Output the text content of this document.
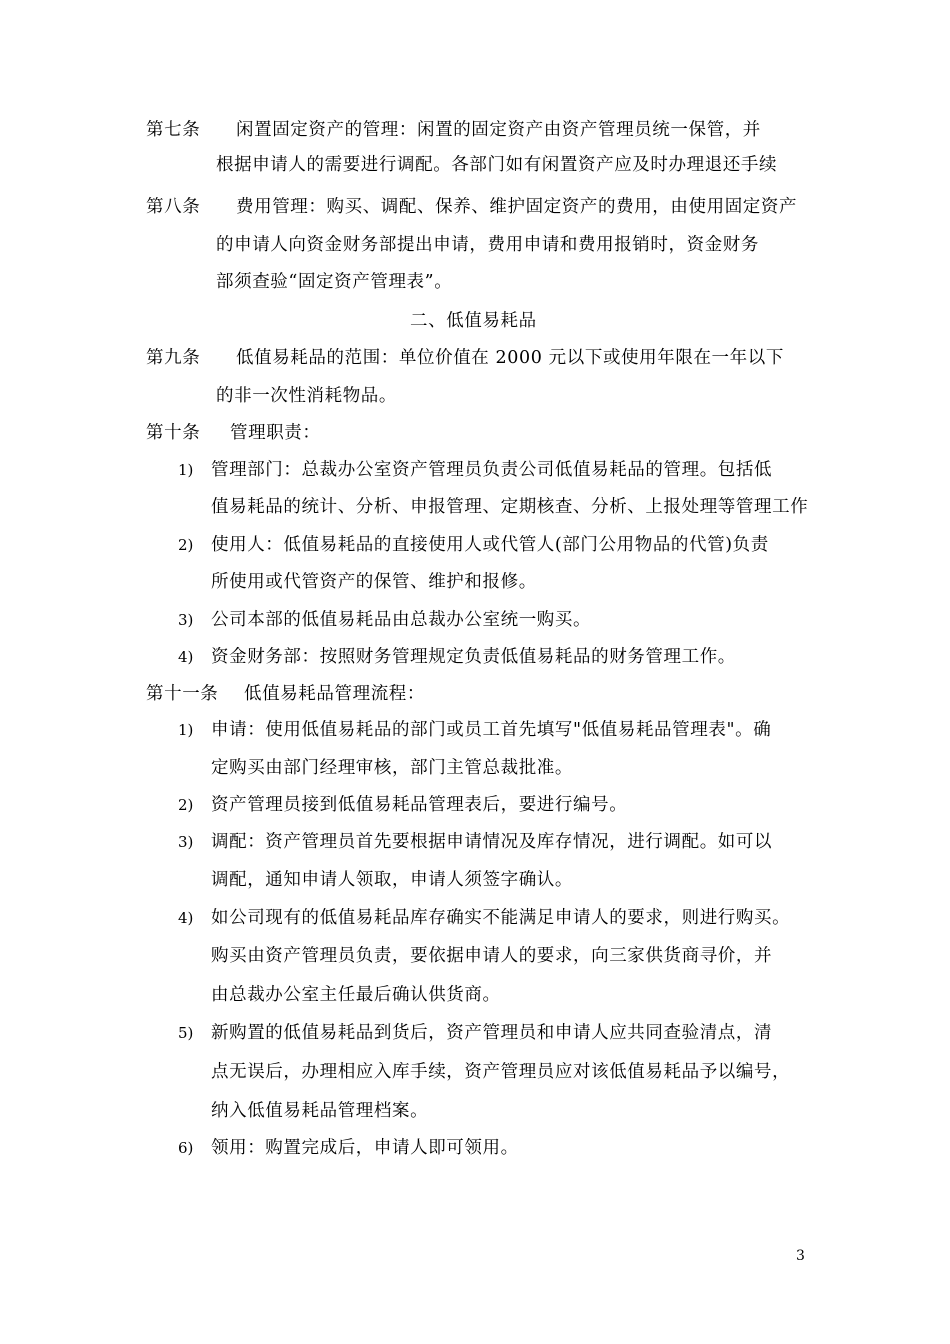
第七条 闲置固定资产的管理：闲置的固定资产由资产管理员统一保管，并
根据申请人的需要进行调配。各部门如有闲置资产应及时办理退还手续
第八条 费用管理：购买、调配、保养、维护固定资产的费用，由使用固定资产
的申请人向资金财务部提出申请，费用申请和费用报销时，资金财务
部须查验“固定资产管理表”。
二、低值易耗品
第九条 低值易耗品的范围：单位价值在 2000 元以下或使用年限在一年以下
的非一次性消耗物品。
第十条 管理职责：
1) 管理部门：总裁办公室资产管理员负责公司低值易耗品的管理。包括低
值易耗品的统计、分析、申报管理、定期核查、分析、上报处理等管理工作
2) 使用人：低值易耗品的直接使用人或代管人(部门公用物品的代管)负责
所使用或代管资产的保管、维护和报修。
3) 公司本部的低值易耗品由总裁办公室统一购买。
4) 资金财务部：按照财务管理规定负责低值易耗品的财务管理工作。
第十一条 低值易耗品管理流程：
1) 申请：使用低值易耗品的部门或员工首先填写"低值易耗品管理表"。确
定购买由部门经理审核，部门主管总裁批准。
2) 资产管理员接到低值易耗品管理表后，要进行编号。
3) 调配：资产管理员首先要根据申请情况及库存情况，进行调配。如可以
调配，通知申请人领取，申请人须签字确认。
4) 如公司现有的低值易耗品库存确实不能满足申请人的要求，则进行购买。
购买由资产管理员负责，要依据申请人的要求，向三家供货商寻价，并
由总裁办公室主任最后确认供货商。
5) 新购置的低值易耗品到货后，资产管理员和申请人应共同查验清点，清
点无误后，办理相应入库手续，资产管理员应对该低值易耗品予以编号，
纳入低值易耗品管理档案。
6) 领用：购置完成后，申请人即可领用。
3
